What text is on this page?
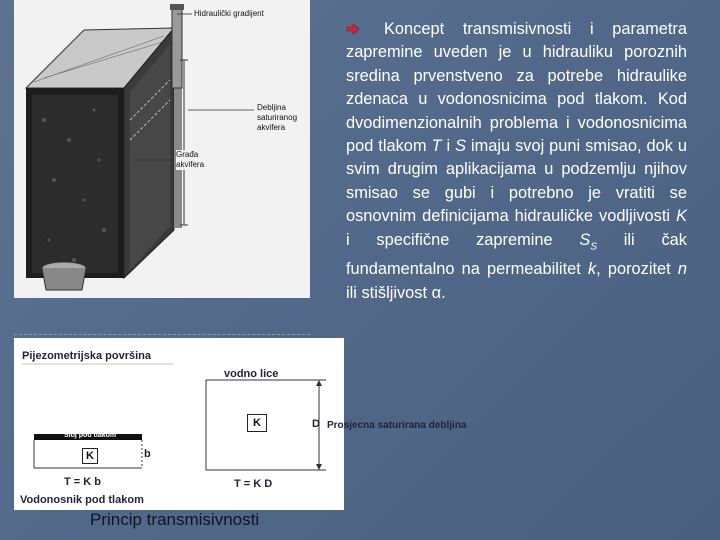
Hidraulički gradijent
Debljina saturiranog akvifera
Građa akvifera
Pijezometrijska površina
vodno lice
Sloj pod tlakom
K	b
K	D Prosjecna saturirana debljina
T = K b	T = K D
Vodonosnik pod tlakom
Koncept transmisivnosti i parametra zapremine uveden je u hidrauliku poroznih sredina prvenstveno za potrebe hidraulike zdenaca u vodonosnicima pod tlakom. Kod dvodimenzionalnih problema i vodonosnicima pod tlakom T i S imaju svoj puni smisao, dok u svim drugim aplikacijama u podzemlju njihov smisao se gubi i potrebno je vratiti se osnovnim definicijama hidrauličke vodljivosti K i specifične zapremine $S_S$ ili čak fundamentalno na permeabilitet k, porozitet n ili stišljivost α.
Princip transmisivnosti
